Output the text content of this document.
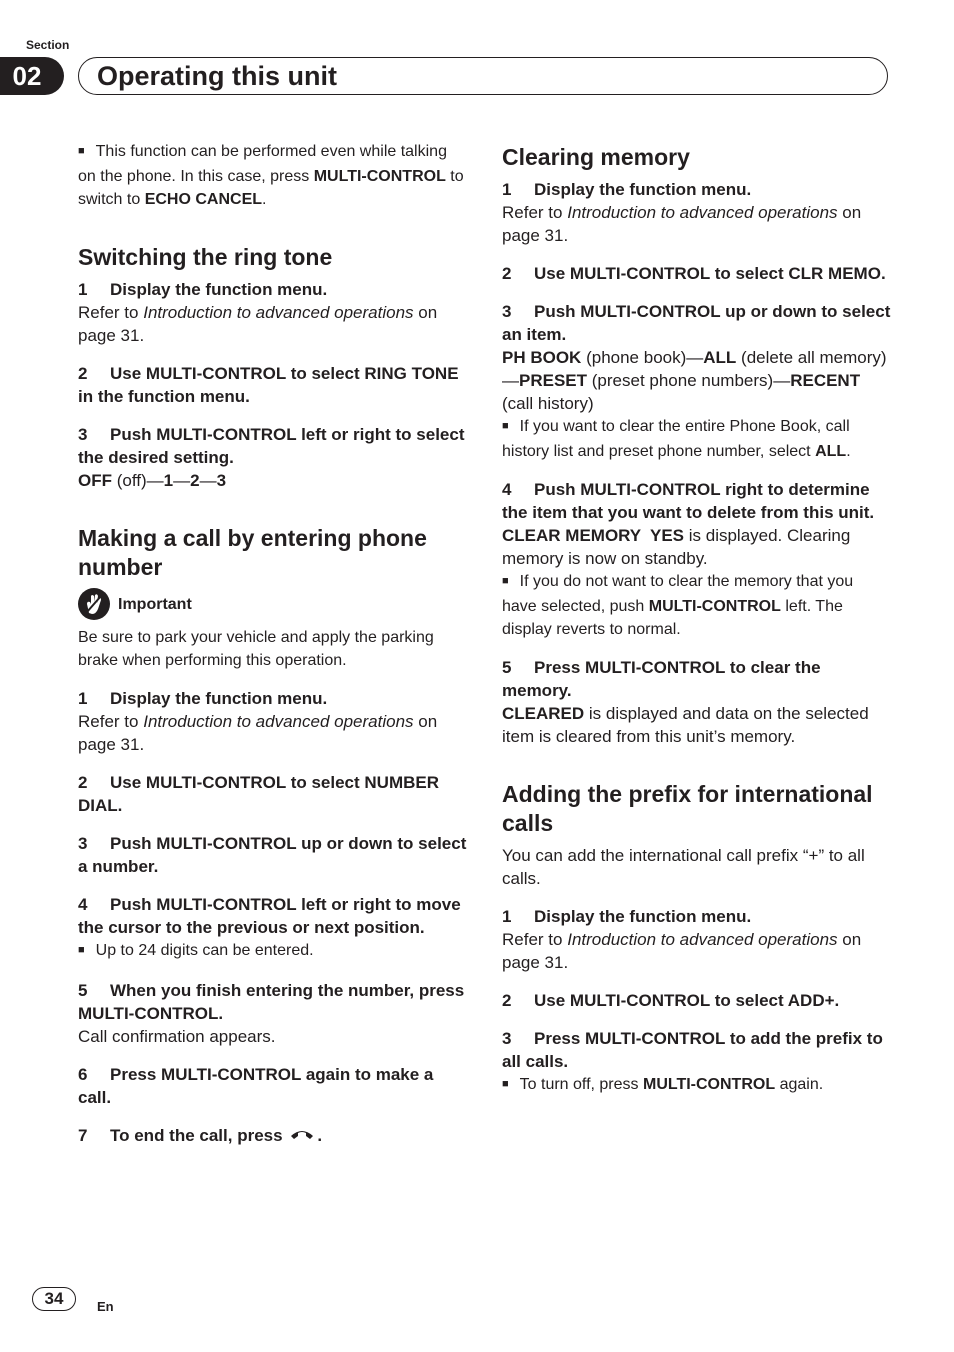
Section
02	Operating this unit

■ This function can be performed even while talking on the phone. In this case, press MULTI-CONTROL to switch to ECHO CANCEL.

Switching the ring tone

1 Display the function menu.

Refer to Introduction to advanced operations on page 31.

2 Use MULTI-CONTROL to select RING TONE in the function menu.

3 Push MULTI-CONTROL left or right to select the desired setting.

OFF (off)—1—2—3

Making a call by entering phone number
Important

Be sure to park your vehicle and apply the parking brake when performing this operation.

1 Display the function menu.

Refer to Introduction to advanced operations on page 31.

2 Use MULTI-CONTROL to select NUMBER DIAL.

3 Push MULTI-CONTROL up or down to select a number.

4 Push MULTI-CONTROL left or right to move the cursor to the previous or next position.

■ Up to 24 digits can be entered.

5 When you finish entering the number, press MULTI-CONTROL.

Call confirmation appears.

6 Press MULTI-CONTROL again to make a call.

7 To end the call, press .

Clearing memory

1 Display the function menu.

Refer to Introduction to advanced operations on page 31.

2 Use MULTI-CONTROL to select CLR MEMO.

3 Push MULTI-CONTROL up or down to select an item.

PH BOOK (phone book)—ALL (delete all memory)—PRESET (preset phone numbers)—RECENT (call history)

■ If you want to clear the entire Phone Book, call history list and preset phone number, select ALL.

4 Push MULTI-CONTROL right to determine the item that you want to delete from this unit.

CLEAR MEMORY  YES is displayed. Clearing memory is now on standby.

■ If you do not want to clear the memory that you have selected, push MULTI-CONTROL left. The display reverts to normal.

5 Press MULTI-CONTROL to clear the memory.

CLEARED is displayed and data on the selected item is cleared from this unit’s memory.

Adding the prefix for international calls

You can add the international call prefix “+” to all calls.

1 Display the function menu.

Refer to Introduction to advanced operations on page 31.

2 Use MULTI-CONTROL to select ADD+.

3 Press MULTI-CONTROL to add the prefix to all calls.

■ To turn off, press MULTI-CONTROL again.

34	En
